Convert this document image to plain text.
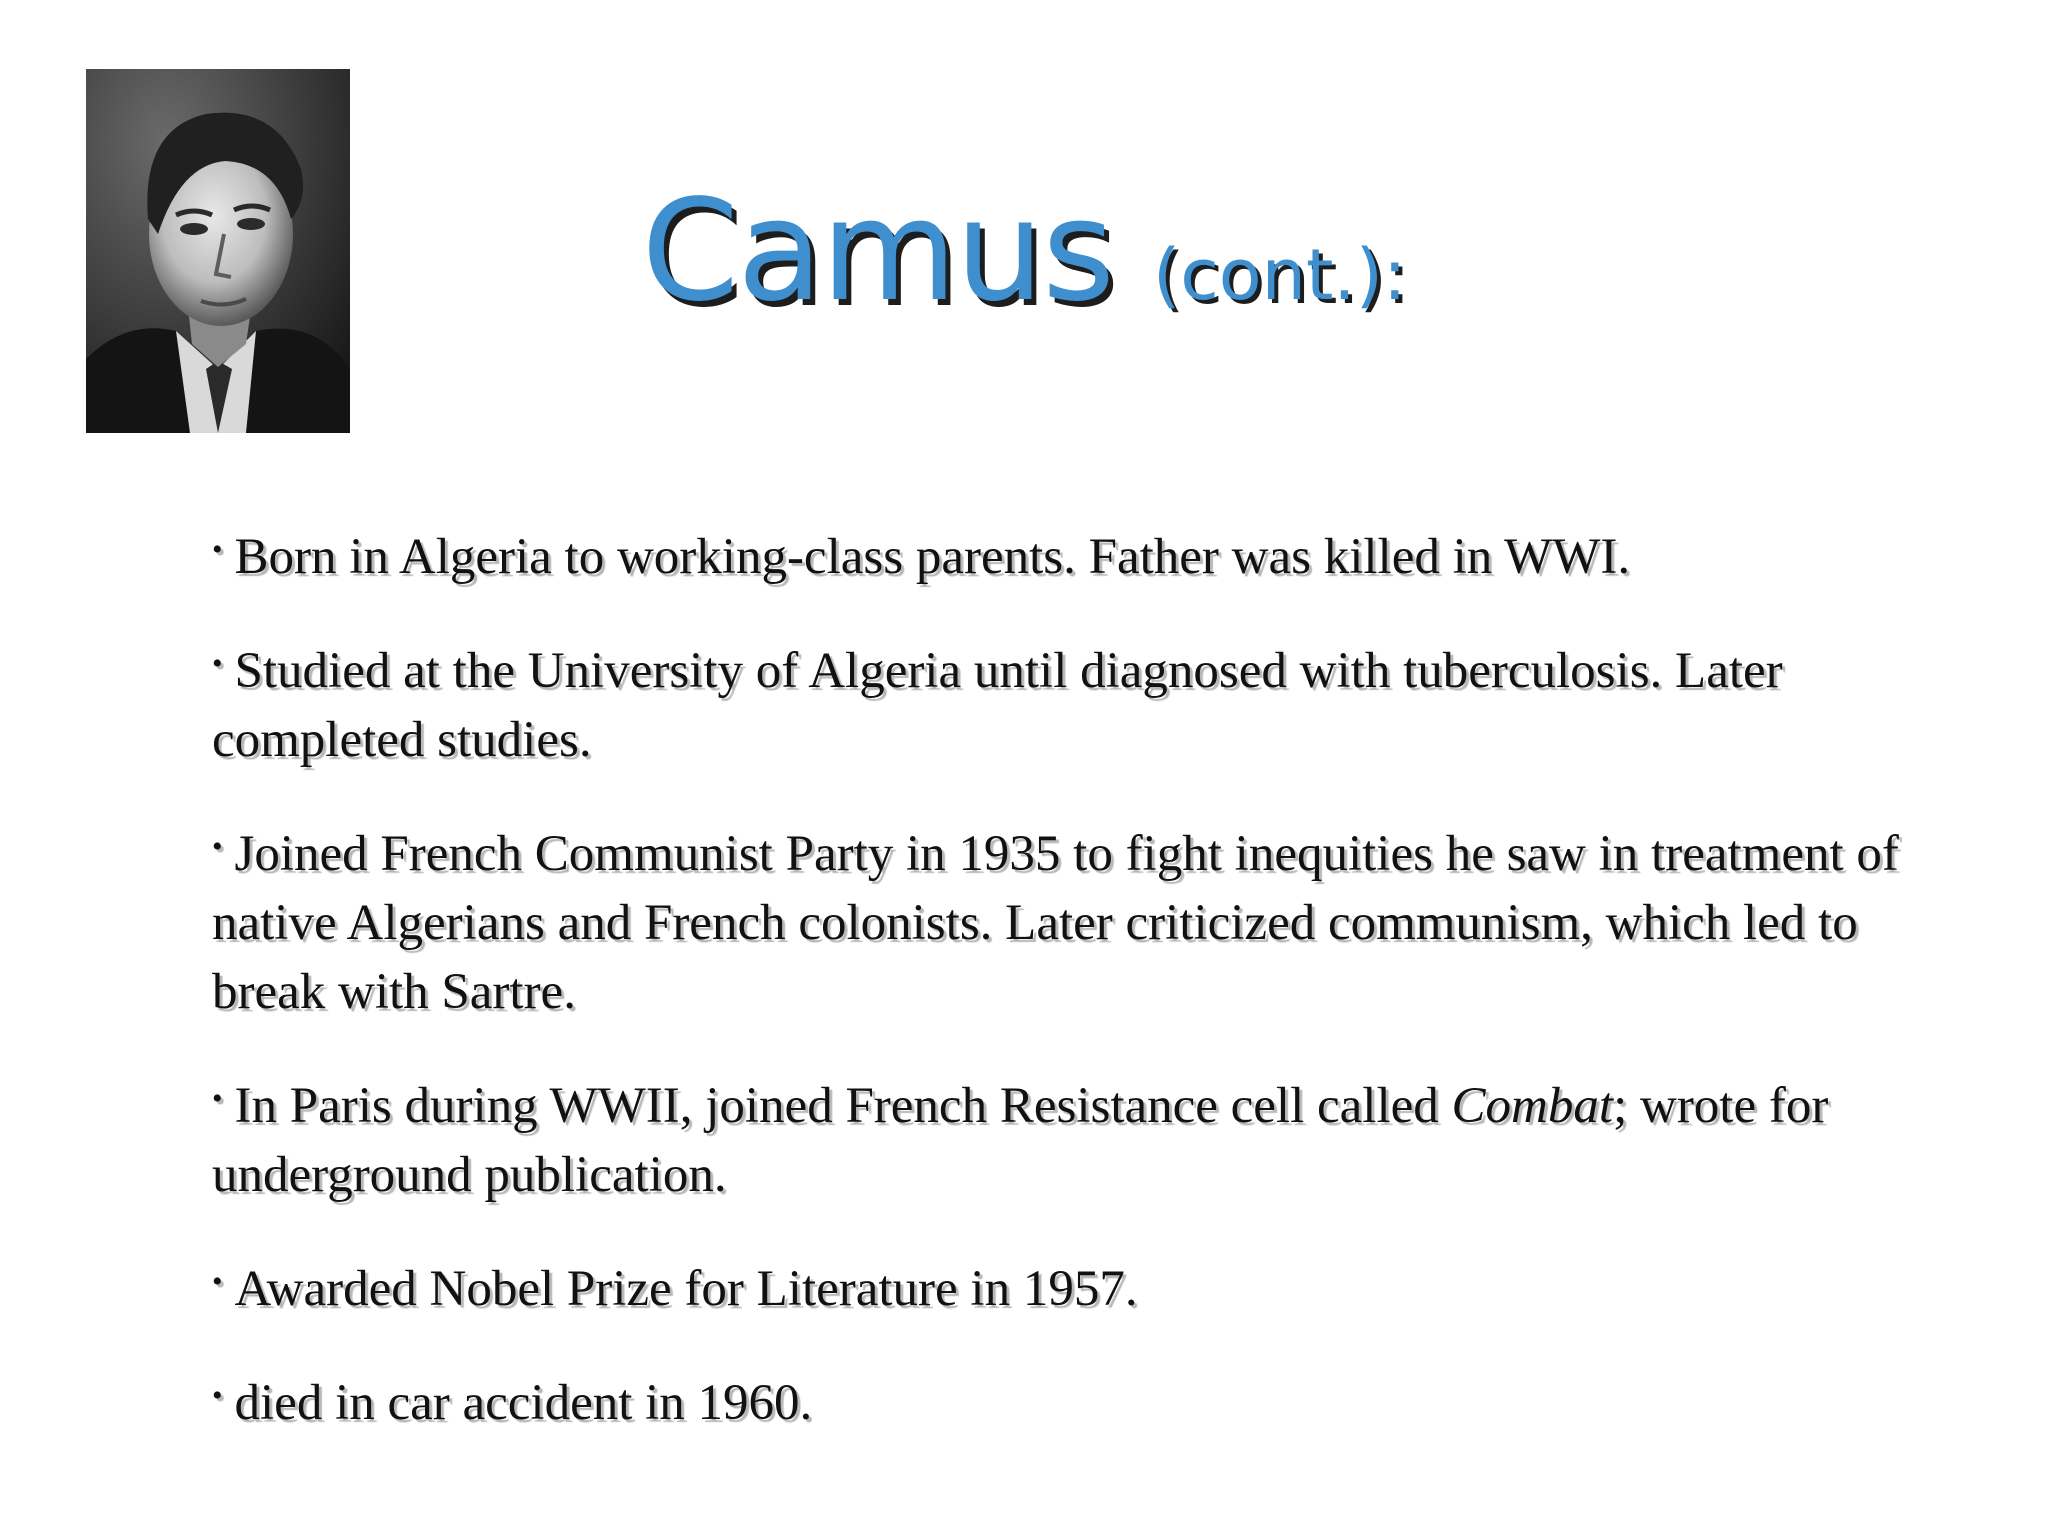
Camus (cont.):
• Born in Algeria to working-class parents. Father was killed in WWI.
• Studied at the University of Algeria until diagnosed with tuberculosis. Later completed studies.
• Joined French Communist Party in 1935 to fight inequities he saw in treatment of native Algerians and French colonists. Later criticized communism, which led to break with Sartre.
• In Paris during WWII, joined French Resistance cell called Combat; wrote for underground publication.
• Awarded Nobel Prize for Literature in 1957.
• died in car accident in 1960.
